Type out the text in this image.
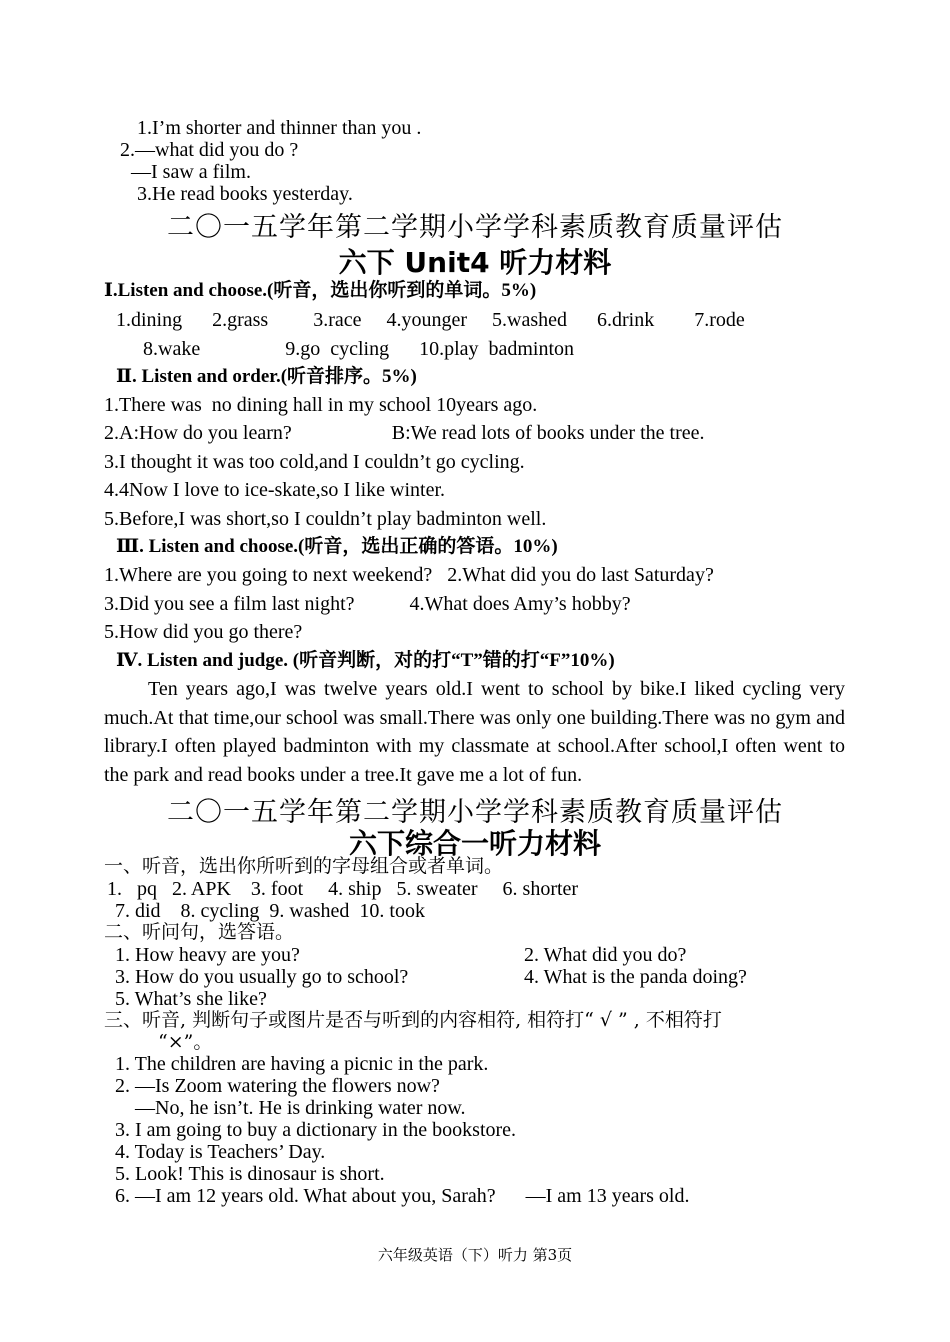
1.I’m shorter and thinner than you .
2.—what did you do ?
—I saw a film.
3.He read books yesterday.
二〇一五学年第二学期小学学科素质教育质量评估
六下 Unit4 听力材料
Ⅰ.Listen and choose.(听音，选出你听到的单词。5%)
1.dining      2.grass         3.race     4.younger     5.washed      6.drink        7.rode
8.wake                 9.go  cycling      10.play  badminton
Ⅱ. Listen and order.(听音排序。5%)
1.There was  no dining hall in my school 10years ago.
2.A:How do you learn?                    B:We read lots of books under the tree.
3.I thought it was too cold,and I couldn’t go cycling.
4.4Now I love to ice-skate,so I like winter.
5.Before,I was short,so I couldn’t play badminton well.
Ⅲ. Listen and choose.(听音，选出正确的答语。10%)
1.Where are you going to next weekend?   2.What did you do last Saturday?
3.Did you see a film last night?           4.What does Amy’s hobby?
5.How did you go there?
Ⅳ. Listen and judge. (听音判断，对的打“T”错的打“F”10%)
Ten years ago,I was twelve years old.I went to school by bike.I liked cycling very much.At that time,our school was small.There was only one building.There was no gym and library.I often played badminton with my classmate at school.After school,I often went to the park and read books under a tree.It gave me a lot of fun.
二〇一五学年第二学期小学学科素质教育质量评估
六下综合一听力材料
一、听音，选出你所听到的字母组合或者单词。
1.   pq   2. APK    3. foot     4. ship   5. sweater     6. shorter
7. did    8. cycling  9. washed  10. took
二、听问句，选答语。
1. How heavy are you?	2. What did you do?
3. How do you usually go to school?	4. What is the panda doing?
5. What’s she like?
三、听音, 判断句子或图片是否与听到的内容相符, 相符打“ √ ” , 不相符打
“×”。
1. The children are having a picnic in the park.
2. —Is Zoom watering the flowers now?
—No, he isn’t. He is drinking water now.
3. I am going to buy a dictionary in the bookstore.
4. Today is Teachers’ Day.
5. Look! This is dinosaur is short.
6. —I am 12 years old. What about you, Sarah?      —I am 13 years old.
六年级英语（下）听力 第3页
